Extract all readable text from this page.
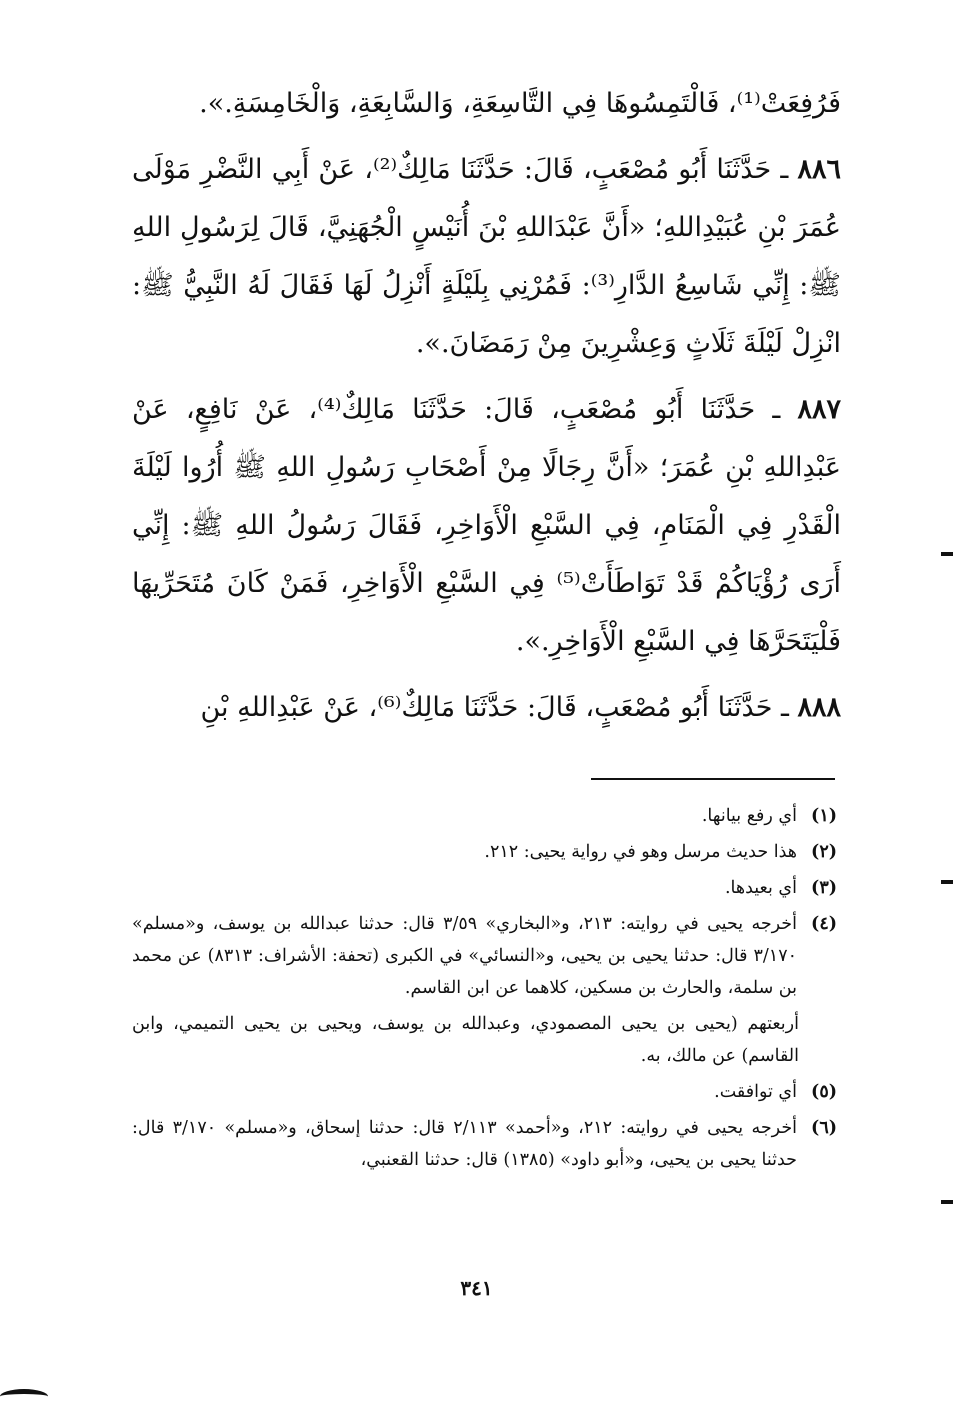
فَرُفِعَتْ⁽¹⁾، فَالْتَمِسُوهَا فِي التَّاسِعَةِ، وَالسَّابِعَةِ، وَالْخَامِسَةِ.».

٨٨٦ ـ حَدَّثَنَا أَبُو مُصْعَبٍ، قَالَ: حَدَّثَنَا مَالِكٌ⁽²⁾، عَنْ أَبِي النَّضْرِ مَوْلَى عُمَرَ بْنِ عُبَيْدِاللهِ؛ «أَنَّ عَبْدَاللهِ بْنَ أُنَيْسٍ الْجُهَنِيَّ، قَالَ لِرَسُولِ اللهِ ﷺ: إِنِّي شَاسِعُ الدَّارِ⁽³⁾: فَمُرْنِي بِلَيْلَةٍ أَنْزِلُ لَهَا فَقَالَ لَهُ النَّبِيُّ ﷺ: انْزِلْ لَيْلَةَ ثَلَاثٍ وَعِشْرِينَ مِنْ رَمَضَانَ.».

٨٨٧ ـ حَدَّثَنَا أَبُو مُصْعَبٍ، قَالَ: حَدَّثَنَا مَالِكٌ⁽⁴⁾، عَنْ نَافِعٍ، عَنْ عَبْدِاللهِ بْنِ عُمَرَ؛ «أَنَّ رِجَالًا مِنْ أَصْحَابِ رَسُولِ اللهِ ﷺ أُرُوا لَيْلَةَ الْقَدْرِ فِي الْمَنَامِ، فِي السَّبْعِ الْأَوَاخِرِ، فَقَالَ رَسُولُ اللهِ ﷺ: إِنِّي أَرَى رُؤْيَاكُمْ قَدْ تَوَاطَأَتْ⁽⁵⁾ فِي السَّبْعِ الْأَوَاخِرِ، فَمَنْ كَانَ مُتَحَرِّيهَا فَلْيَتَحَرَّهَا فِي السَّبْعِ الْأَوَاخِرِ.».

٨٨٨ ـ حَدَّثَنَا أَبُو مُصْعَبٍ، قَالَ: حَدَّثَنَا مَالِكٌ⁽⁶⁾، عَنْ عَبْدِاللهِ بْنِ

(١)
أي رفع بيانها.
(٢)
هذا حديث مرسل وهو في رواية يحيى: ٢١٢.
(٣)
أي بعيدها.
(٤)
أخرجه يحيى في روايته: ٢١٣، و«البخاري» ٣/٥٩ قال: حدثنا عبدالله بن يوسف، و«مسلم» ٣/١٧٠ قال: حدثنا يحيى بن يحيى، و«النسائي» في الكبرى (تحفة: الأشراف: ٨٣١٣) عن محمد بن سلمة، والحارث بن مسكين، كلاهما عن ابن القاسم.
أربعتهم (يحيى بن يحيى المصمودي، وعبدالله بن يوسف، ويحيى بن يحيى التميمي، وابن القاسم) عن مالك، به.
(٥)
أي توافقت.
(٦)
أخرجه يحيى في روايته: ٢١٢، و«أحمد» ٢/١١٣ قال: حدثنا إسحاق، و«مسلم» ٣/١٧٠ قال: حدثنا يحيى بن يحيى، و«أبو داود» (١٣٨٥) قال: حدثنا القعنبي،
٣٤١
